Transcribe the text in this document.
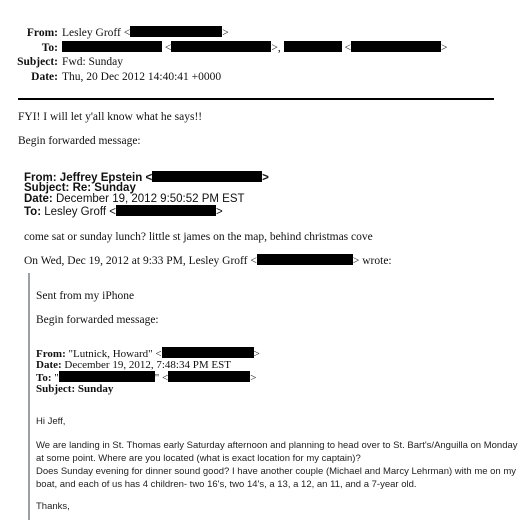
From: Lesley Groff <	>
To:	<	>,	<	>
Subject: Fwd: Sunday
Date: Thu, 20 Dec 2012 14:40:41 +0000
FYI! I will let y'all know what he says!!
Begin forwarded message:
From: Jeffrey Epstein <	>
Subject: Re: Sunday
Date: December 19, 2012 9:50:52 PM EST
To: Lesley Groff <	>
come sat or sunday lunch? little st james on the map, behind christmas cove
On Wed, Dec 19, 2012 at 9:33 PM, Lesley Groff <	> wrote:
Sent from my iPhone
Begin forwarded message:
From: "Lutnick, Howard" <	>
Date: December 19, 2012, 7:48:34 PM EST
To: "	" <	>
Subject: Sunday
Hi Jeff,
We are landing in St. Thomas early Saturday afternoon and planning to head over to St. Bart's/Anguilla on Monday
at some point. Where are you located (what is exact location for my captain)?
Does Sunday evening for dinner sound good? I have another couple (Michael and Marcy Lehrman) with me on my
boat, and each of us has 4 children- two 16's, two 14's, a 13, a 12, an 11, and a 7-year old.
Thanks,
